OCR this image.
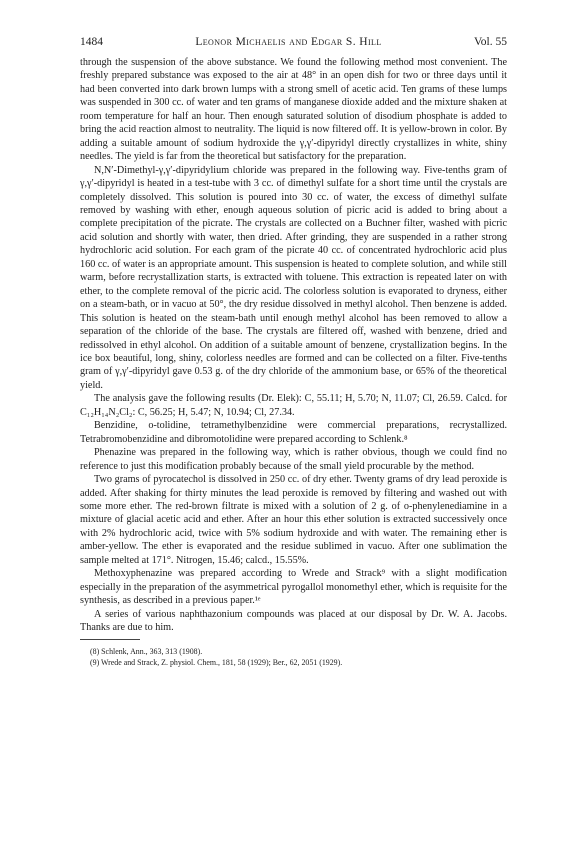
1484	Leonor Michaelis and Edgar S. Hill	Vol. 55

through the suspension of the above substance. We found the following method most convenient. The freshly prepared substance was exposed to the air at 48° in an open dish for two or three days until it had been converted into dark brown lumps with a strong smell of acetic acid. Ten grams of these lumps was suspended in 300 cc. of water and ten grams of manganese dioxide added and the mixture shaken at room temperature for half an hour. Then enough saturated solution of disodium phosphate is added to bring the acid reaction almost to neutrality. The liquid is now filtered off. It is yellow-brown in color. By adding a suitable amount of sodium hydroxide the γ,γ′-dipyridyl directly crystallizes in white, shiny needles. The yield is far from the theoretical but satisfactory for the preparation.

N,N′-Dimethyl-γ,γ′-dipyridylium chloride was prepared in the following way. Five-tenths gram of γ,γ′-dipyridyl is heated in a test-tube with 3 cc. of dimethyl sulfate for a short time until the crystals are completely dissolved. This solution is poured into 30 cc. of water, the excess of dimethyl sulfate removed by washing with ether, enough aqueous solution of picric acid is added to bring about a complete precipitation of the picrate. The crystals are collected on a Buchner filter, washed with picric acid solution and shortly with water, then dried. After grinding, they are suspended in a rather strong hydrochloric acid solution. For each gram of the picrate 40 cc. of concentrated hydrochloric acid plus 160 cc. of water is an appropriate amount. This suspension is heated to complete solution, and while still warm, before recrystallization starts, is extracted with toluene. This extraction is repeated later on with ether, to the complete removal of the picric acid. The colorless solution is evaporated to dryness, either on a steam-bath, or in vacuo at 50°, the dry residue dissolved in methyl alcohol. Then benzene is added. This solution is heated on the steam-bath until enough methyl alcohol has been removed to allow a separation of the chloride of the base. The crystals are filtered off, washed with benzene, dried and redissolved in ethyl alcohol. On addition of a suitable amount of benzene, crystallization begins. In the ice box beautiful, long, shiny, colorless needles are formed and can be collected on a filter. Five-tenths gram of γ,γ′-dipyridyl gave 0.53 g. of the dry chloride of the ammonium base, or 65% of the theoretical yield.

The analysis gave the following results (Dr. Elek): C, 55.11; H, 5.70; N, 11.07; Cl, 26.59. Calcd. for C₁₂H₁₄N₂Cl₂: C, 56.25; H, 5.47; N, 10.94; Cl, 27.34.

Benzidine, o-tolidine, tetramethylbenzidine were commercial preparations, recrystallized. Tetrabromobenzidine and dibromotolidine were prepared according to Schlenk.⁸

Phenazine was prepared in the following way, which is rather obvious, though we could find no reference to just this modification probably because of the small yield procurable by the method.

Two grams of pyrocatechol is dissolved in 250 cc. of dry ether. Twenty grams of dry lead peroxide is added. After shaking for thirty minutes the lead peroxide is removed by filtering and washed out with some more ether. The red-brown filtrate is mixed with a solution of 2 g. of o-phenylenediamine in a mixture of glacial acetic acid and ether. After an hour this ether solution is extracted successively once with 2% hydrochloric acid, twice with 5% sodium hydroxide and with water. The remaining ether is amber-yellow. The ether is evaporated and the residue sublimed in vacuo. After one sublimation the sample melted at 171°. Nitrogen, 15.46; calcd., 15.55%.

Methoxyphenazine was prepared according to Wrede and Strack⁹ with a slight modification especially in the preparation of the asymmetrical pyrogallol monomethyl ether, which is requisite for the synthesis, as described in a previous paper.¹ᵉ

A series of various naphthazonium compounds was placed at our disposal by Dr. W. A. Jacobs. Thanks are due to him.

(8) Schlenk, Ann., 363, 313 (1908).

(9) Wrede and Strack, Z. physiol. Chem., 181, 58 (1929); Ber., 62, 2051 (1929).
